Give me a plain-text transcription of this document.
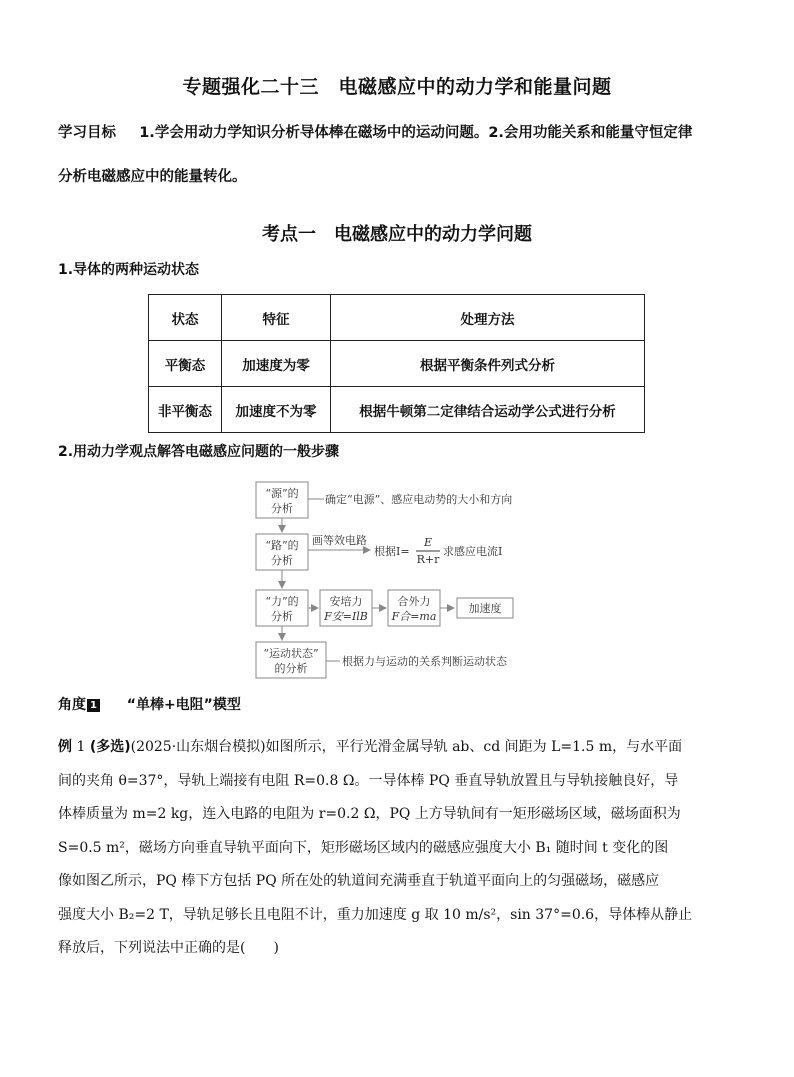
专题强化二十三　电磁感应中的动力学和能量问题
学习目标 1.学会用动力学知识分析导体棒在磁场中的运动问题。2.会用功能关系和能量守恒定律
分析电磁感应中的能量转化。
考点一　电磁感应中的动力学问题
1.导体的两种运动状态
状态	特征	处理方法
平衡态	加速度为零	根据平衡条件列式分析
非平衡态	加速度不为零	根据牛顿第二定律结合运动学公式进行分析
2.用动力学观点解答电磁感应问题的一般步骤
“源”的
分析
确定“电源”、感应电动势的大小和方向
“路”的
分析
画等效电路
根据I=
E
R+r
求感应电流I
“力”的
分析
安培力
F安=IlB
合外力
F合=ma
加速度
“运动状态”
的分析
根据力与运动的关系判断运动状态
角度 1 “单棒+电阻”模型
例 1 (多选)(2025·山东烟台模拟)如图所示，平行光滑金属导轨 ab、cd 间距为 L=1.5 m，与水平面
间的夹角 θ=37°，导轨上端接有电阻 R=0.8 Ω。一导体棒 PQ 垂直导轨放置且与导轨接触良好，导
体棒质量为 m=2 kg，连入电路的电阻为 r=0.2 Ω，PQ 上方导轨间有一矩形磁场区域，磁场面积为
S=0.5 m²，磁场方向垂直导轨平面向下，矩形磁场区域内的磁感应强度大小 B₁ 随时间 t 变化的图
像如图乙所示，PQ 棒下方包括 PQ 所在处的轨道间充满垂直于轨道平面向上的匀强磁场，磁感应
强度大小 B₂=2 T，导轨足够长且电阻不计，重力加速度 g 取 10 m/s²，sin 37°=0.6，导体棒从静止
释放后，下列说法中正确的是(　　)
